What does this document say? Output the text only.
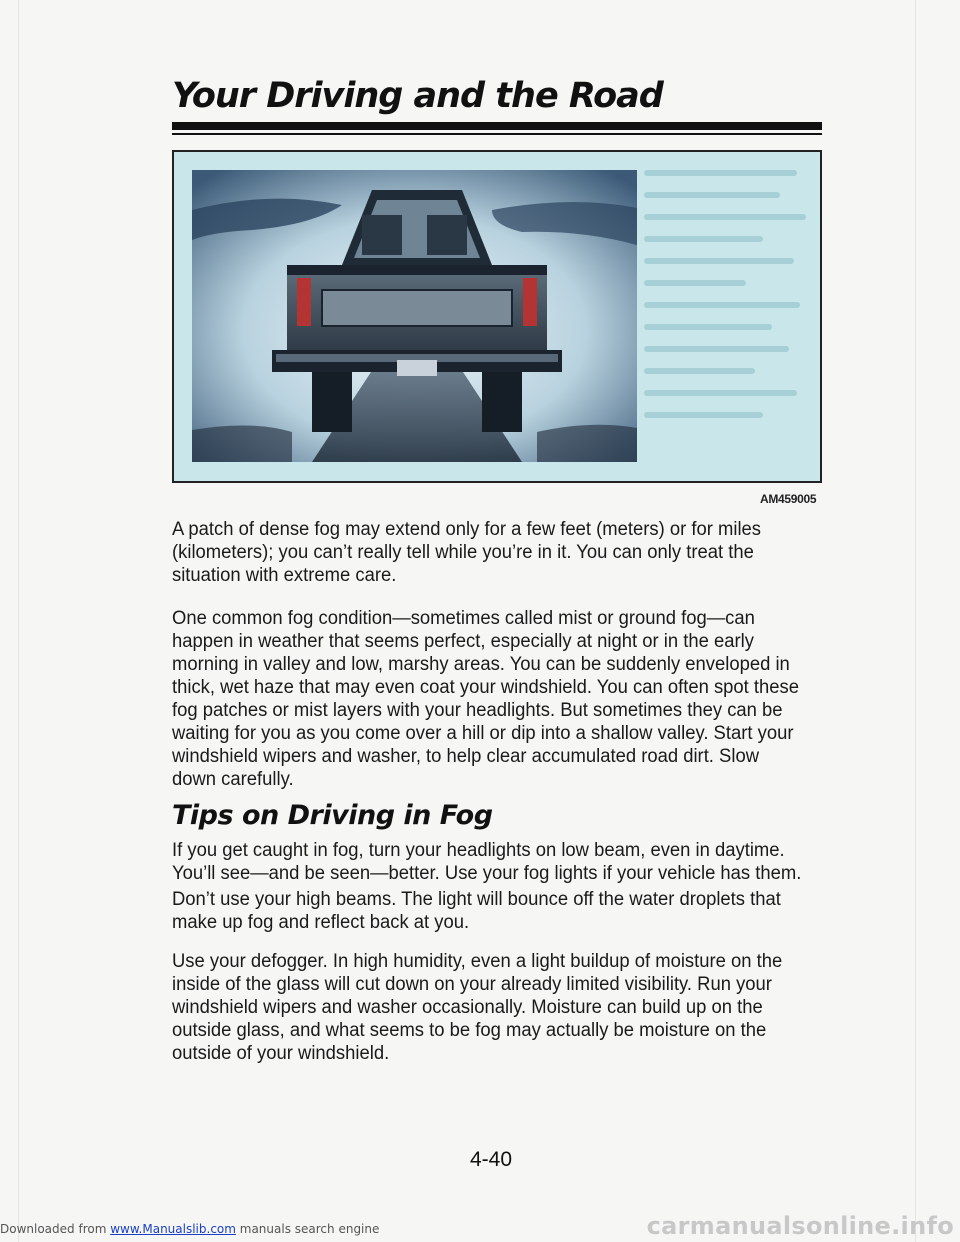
Your Driving and the Road
AM459005

A patch of dense fog may extend only for a few feet (meters) or for miles (kilometers); you can’t really tell while you’re in it. You can only treat the situation with extreme care.

One common fog condition—sometimes called mist or ground fog—can happen in weather that seems perfect, especially at night or in the early morning in valley and low, marshy areas. You can be suddenly enveloped in thick, wet haze that may even coat your windshield. You can often spot these fog patches or mist layers with your headlights. But sometimes they can be waiting for you as you come over a hill or dip into a shallow valley. Start your windshield wipers and washer, to help clear accumulated road dirt. Slow down carefully.

Tips on Driving in Fog

If you get caught in fog, turn your headlights on low beam, even in daytime. You’ll see—and be seen—better. Use your fog lights if your vehicle has them.

Don’t use your high beams. The light will bounce off the water droplets that make up fog and reflect back at you.

Use your defogger. In high humidity, even a light buildup of moisture on the inside of the glass will cut down on your already limited visibility. Run your windshield wipers and washer occasionally. Moisture can build up on the outside glass, and what seems to be fog may actually be moisture on the outside of your windshield.

4-40
Downloaded from www.Manualslib.com manuals search engine	carmanualsonline.info
